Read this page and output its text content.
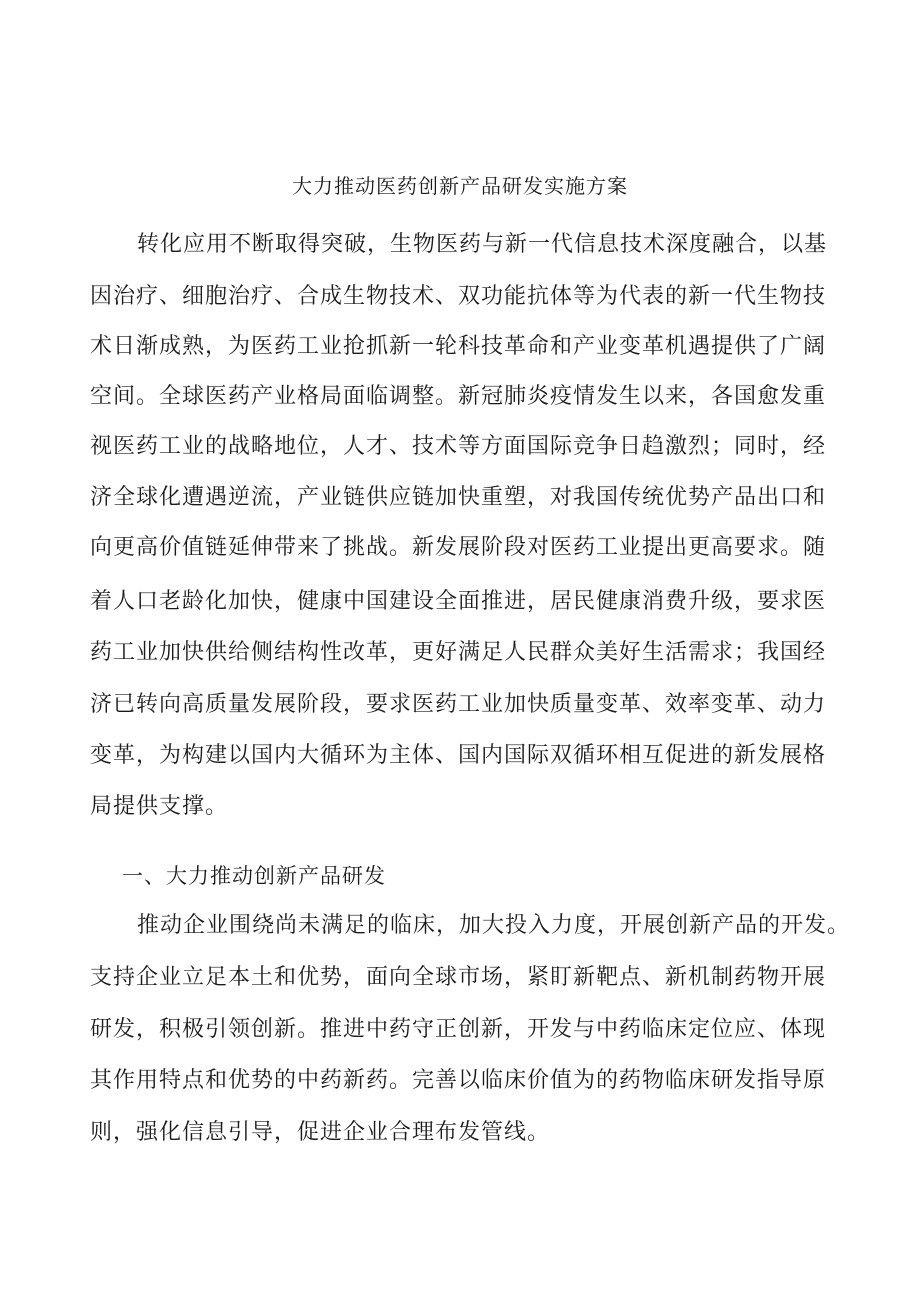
大力推动医药创新产品研发实施方案
转化应用不断取得突破，生物医药与新一代信息技术深度融合，以基
因治疗、细胞治疗、合成生物技术、双功能抗体等为代表的新一代生物技
术日渐成熟，为医药工业抢抓新一轮科技革命和产业变革机遇提供了广阔
空间。全球医药产业格局面临调整。新冠肺炎疫情发生以来，各国愈发重
视医药工业的战略地位，人才、技术等方面国际竞争日趋激烈；同时，经
济全球化遭遇逆流，产业链供应链加快重塑，对我国传统优势产品出口和
向更高价值链延伸带来了挑战。新发展阶段对医药工业提出更高要求。随
着人口老龄化加快，健康中国建设全面推进，居民健康消费升级，要求医
药工业加快供给侧结构性改革，更好满足人民群众美好生活需求；我国经
济已转向高质量发展阶段，要求医药工业加快质量变革、效率变革、动力
变革，为构建以国内大循环为主体、国内国际双循环相互促进的新发展格
局提供支撑。
一、大力推动创新产品研发
推动企业围绕尚未满足的临床，加大投入力度，开展创新产品的开发。
支持企业立足本土和优势，面向全球市场，紧盯新靶点、新机制药物开展
研发，积极引领创新。推进中药守正创新，开发与中药临床定位应、体现
其作用特点和优势的中药新药。完善以临床价值为的药物临床研发指导原
则，强化信息引导，促进企业合理布发管线。
